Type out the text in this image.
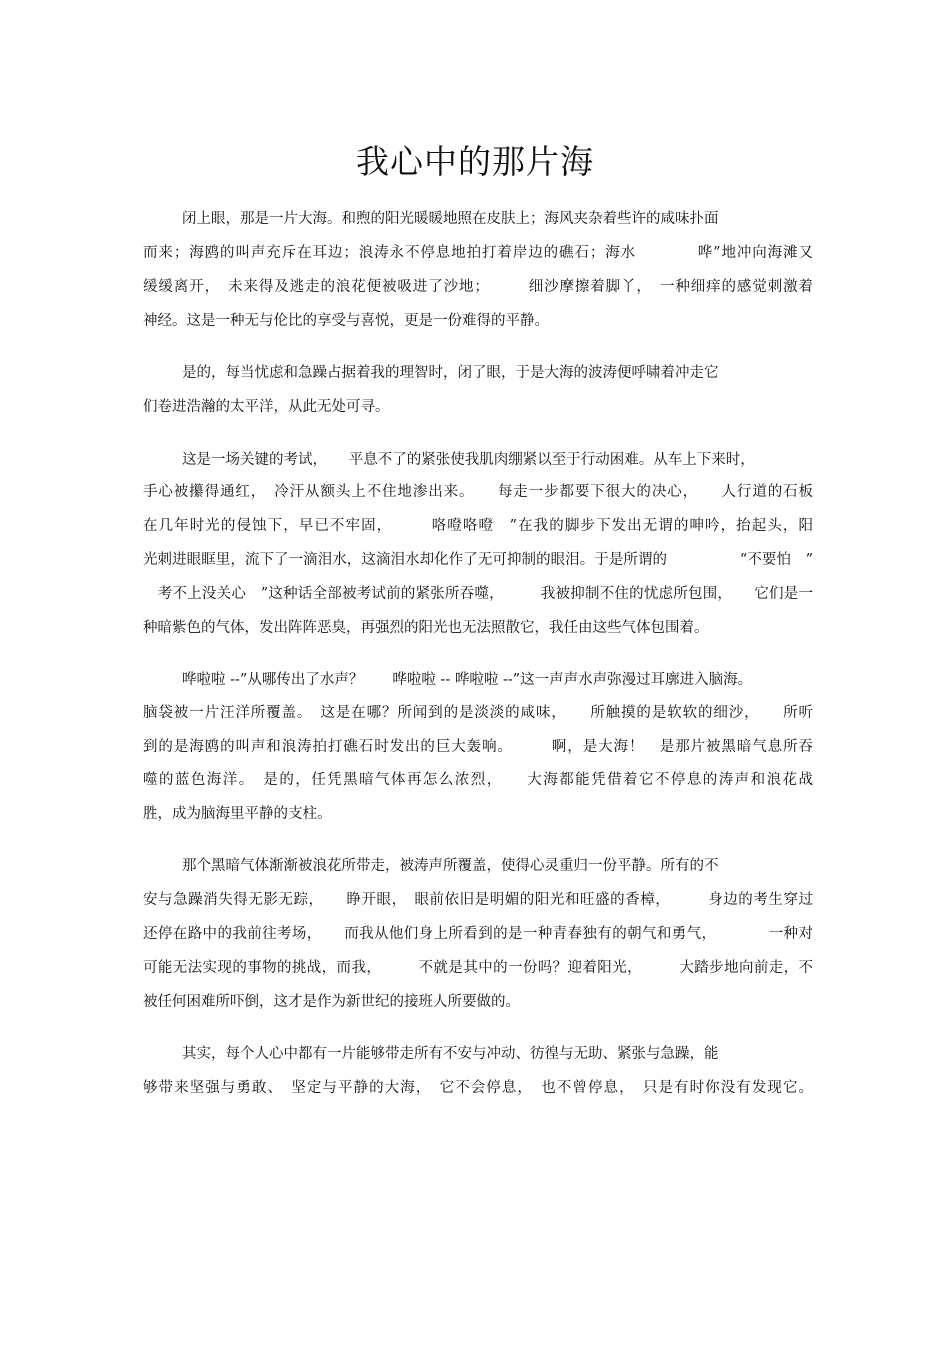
我心中的那片海
闭上眼，那是一片大海。和煦的阳光暖暖地照在皮肤上；海风夹杂着些许的咸味扑面
而来；海鸥的叫声充斥在耳边；浪涛永不停息地拍打着岸边的礁石；海水　　　　哗”地冲向海滩又
缓缓离开，　未来得及逃走的浪花便被吸进了沙地；　　　细沙摩擦着脚丫，　一种细痒的感觉刺激着
神经。这是一种无与伦比的享受与喜悦，更是一份难得的平静。
是的，每当忧虑和急躁占据着我的理智时，闭了眼，于是大海的波涛便呼啸着冲走它
们卷进浩瀚的太平洋，从此无处可寻。
这是一场关键的考试，　　平息不了的紧张使我肌肉绷紧以至于行动困难。从车上下来时，
手心被攥得通红，　冷汗从额头上不住地渗出来。　　每走一步都要下很大的决心，　　人行道的石板
在几年时光的侵蚀下，早已不牢固，　　　咯噔咯噔　”在我的脚步下发出无谓的呻吟，抬起头，阳
光刺进眼眶里，流下了一滴泪水，这滴泪水却化作了无可抑制的眼泪。于是所谓的　　　　　“不要怕　”
　考不上没关心　”这种话全部被考试前的紧张所吞噬，　　　我被抑制不住的忧虑所包围，　　它们是一
种暗紫色的气体，发出阵阵恶臭，再强烈的阳光也无法照散它，我任由这些气体包围着。
哗啦啦 --”从哪传出了水声？　　哗啦啦 -- 哗啦啦 --”这一声声水声弥漫过耳廓进入脑海。
脑袋被一片汪洋所覆盖。　这是在哪？所闻到的是淡淡的咸味，　　所触摸的是软软的细沙，　　所听
到的是海鸥的叫声和浪涛拍打礁石时发出的巨大轰响。　　　啊，是大海！　是那片被黑暗气息所吞
噬的蓝色海洋。　是的，任凭黑暗气体再怎么浓烈，　　大海都能凭借着它不停息的涛声和浪花战
胜，成为脑海里平静的支柱。
那个黑暗气体渐渐被浪花所带走，被涛声所覆盖，使得心灵重归一份平静。所有的不
安与急躁消失得无影无踪，　　睁开眼，　眼前依旧是明媚的阳光和旺盛的香樟，　　　身边的考生穿过
还停在路中的我前往考场，　　而我从他们身上所看到的是一种青春独有的朝气和勇气，　　　　一种对
可能无法实现的事物的挑战，而我，　　　不就是其中的一份吗？迎着阳光，　　　大踏步地向前走，不
被任何困难所吓倒，这才是作为新世纪的接班人所要做的。
其实，每个人心中都有一片能够带走所有不安与冲动、彷徨与无助、紧张与急躁，能
够带来坚强与勇敢、　坚定与平静的大海，　它不会停息，　也不曾停息，　只是有时你没有发现它。
